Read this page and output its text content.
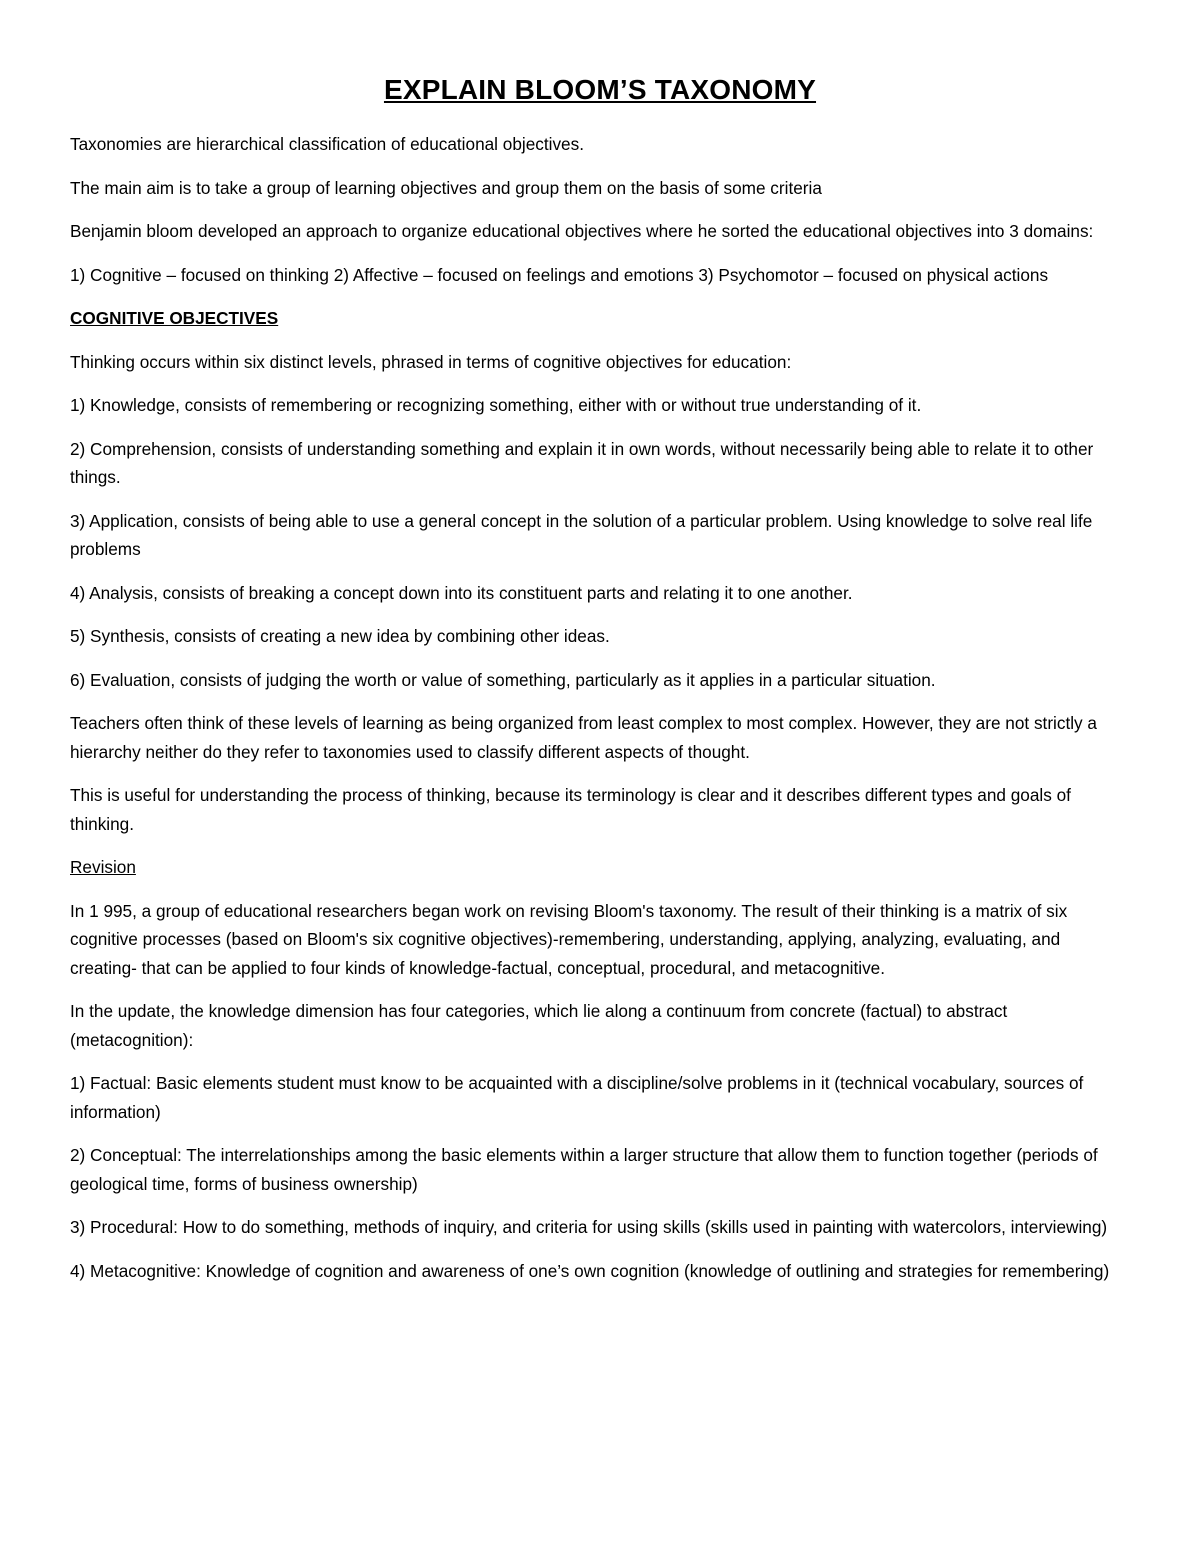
EXPLAIN BLOOM’S TAXONOMY

Taxonomies are hierarchical classification of educational objectives.

The main aim is to take a group of learning objectives and group them on the basis of some criteria

Benjamin bloom developed an approach to organize educational objectives where he sorted the educational objectives into 3 domains:

1) Cognitive – focused on thinking 2) Affective – focused on feelings and emotions 3) Psychomotor – focused on physical actions

COGNITIVE OBJECTIVES

Thinking occurs within six distinct levels, phrased in terms of cognitive objectives for education:

1) Knowledge, consists of remembering or recognizing something, either with or without true understanding of it.

2) Comprehension, consists of understanding something and explain it in own words, without necessarily being able to relate it to other things.

3) Application, consists of being able to use a general concept in the solution of a particular problem. Using knowledge to solve real life problems

4) Analysis, consists of breaking a concept down into its constituent parts and relating it to one another.

5) Synthesis, consists of creating a new idea by combining other ideas.

6) Evaluation, consists of judging the worth or value of something, particularly as it applies in a particular situation.

Teachers often think of these levels of learning as being organized from least complex to most complex. However, they are not strictly a hierarchy neither do they refer to taxonomies used to classify different aspects of thought.

This is useful for understanding the process of thinking, because its terminology is clear and it describes different types and goals of thinking.

Revision

In 1 995, a group of educational researchers began work on revising Bloom's taxonomy. The result of their thinking is a matrix of six cognitive processes (based on Bloom's six cognitive objectives)-remembering, understanding, applying, analyzing, evaluating, and creating- that can be applied to four kinds of knowledge-factual, conceptual, procedural, and metacognitive.

In the update, the knowledge dimension has four categories, which lie along a continuum from concrete (factual) to abstract (metacognition):

1) Factual: Basic elements student must know to be acquainted with a discipline/solve problems in it (technical vocabulary, sources of information)

2) Conceptual: The interrelationships among the basic elements within a larger structure that allow them to function together (periods of geological time, forms of business ownership)

3) Procedural: How to do something, methods of inquiry, and criteria for using skills (skills used in painting with watercolors, interviewing)

4) Metacognitive: Knowledge of cognition and awareness of one’s own cognition (knowledge of outlining and strategies for remembering)
